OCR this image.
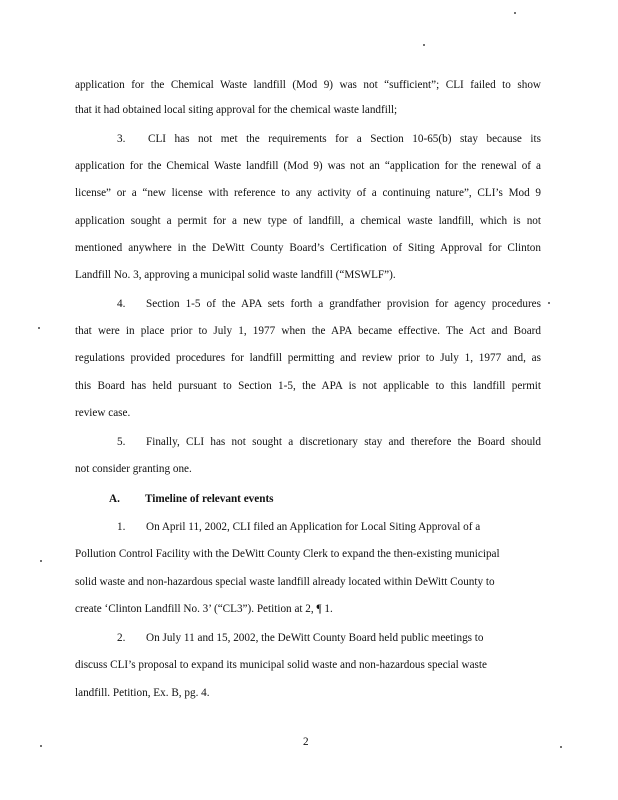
application for the Chemical Waste landfill (Mod 9) was not “sufficient”; CLI failed to show
that it had obtained local siting approval for the chemical waste landfill;
3. CLI has not met the requirements for a Section 10-65(b) stay because its
application for the Chemical Waste landfill (Mod 9) was not an “application for the renewal of a
license” or a “new license with reference to any activity of a continuing nature”, CLI’s Mod 9
application sought a permit for a new type of landfill, a chemical waste landfill, which is not
mentioned anywhere in the DeWitt County Board’s Certification of Siting Approval for Clinton
Landfill No. 3, approving a municipal solid waste landfill (“MSWLF”).
4. Section 1-5 of the APA sets forth a grandfather provision for agency procedures
that were in place prior to July 1, 1977 when the APA became effective. The Act and Board
regulations provided procedures for landfill permitting and review prior to July 1, 1977 and, as
this Board has held pursuant to Section 1-5, the APA is not applicable to this landfill permit
review case.
5. Finally, CLI has not sought a discretionary stay and therefore the Board should
not consider granting one.
A. Timeline of relevant events
1. On April 11, 2002, CLI filed an Application for Local Siting Approval of a
Pollution Control Facility with the DeWitt County Clerk to expand the then-existing municipal
solid waste and non-hazardous special waste landfill already located within DeWitt County to
create ‘Clinton Landfill No. 3’ (“CL3”). Petition at 2, ¶ 1.
2. On July 11 and 15, 2002, the DeWitt County Board held public meetings to
discuss CLI’s proposal to expand its municipal solid waste and non-hazardous special waste
landfill. Petition, Ex. B, pg. 4.
2
